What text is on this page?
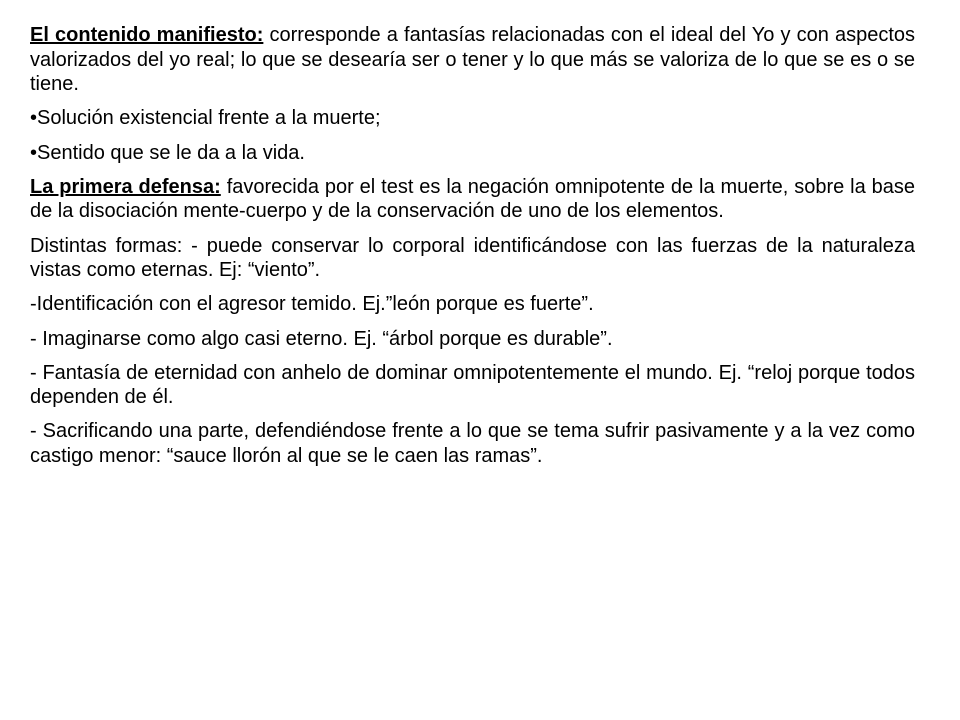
El contenido manifiesto: corresponde a fantasías relacionadas con el ideal del Yo y con aspectos valorizados del yo real; lo que se desearía ser o tener y lo que más se valoriza de lo que se es o se tiene.

•Solución existencial frente a la muerte;

•Sentido que se le da a la vida.

La primera defensa: favorecida por el test es la negación omnipotente de la muerte, sobre la base de la disociación mente-cuerpo y de la conservación de uno de los elementos.

Distintas formas: - puede conservar lo corporal identificándose con las fuerzas de la naturaleza vistas como eternas. Ej: “viento”.

-Identificación con el agresor temido. Ej.”león porque es fuerte”.

- Imaginarse como algo casi eterno. Ej. “árbol porque es durable”.

- Fantasía de eternidad con anhelo de dominar omnipotentemente el mundo. Ej. “reloj porque todos dependen de él.

- Sacrificando una parte, defendiéndose frente a lo que se tema sufrir pasivamente y a la vez como castigo menor: “sauce llorón al que se le caen las ramas”.
